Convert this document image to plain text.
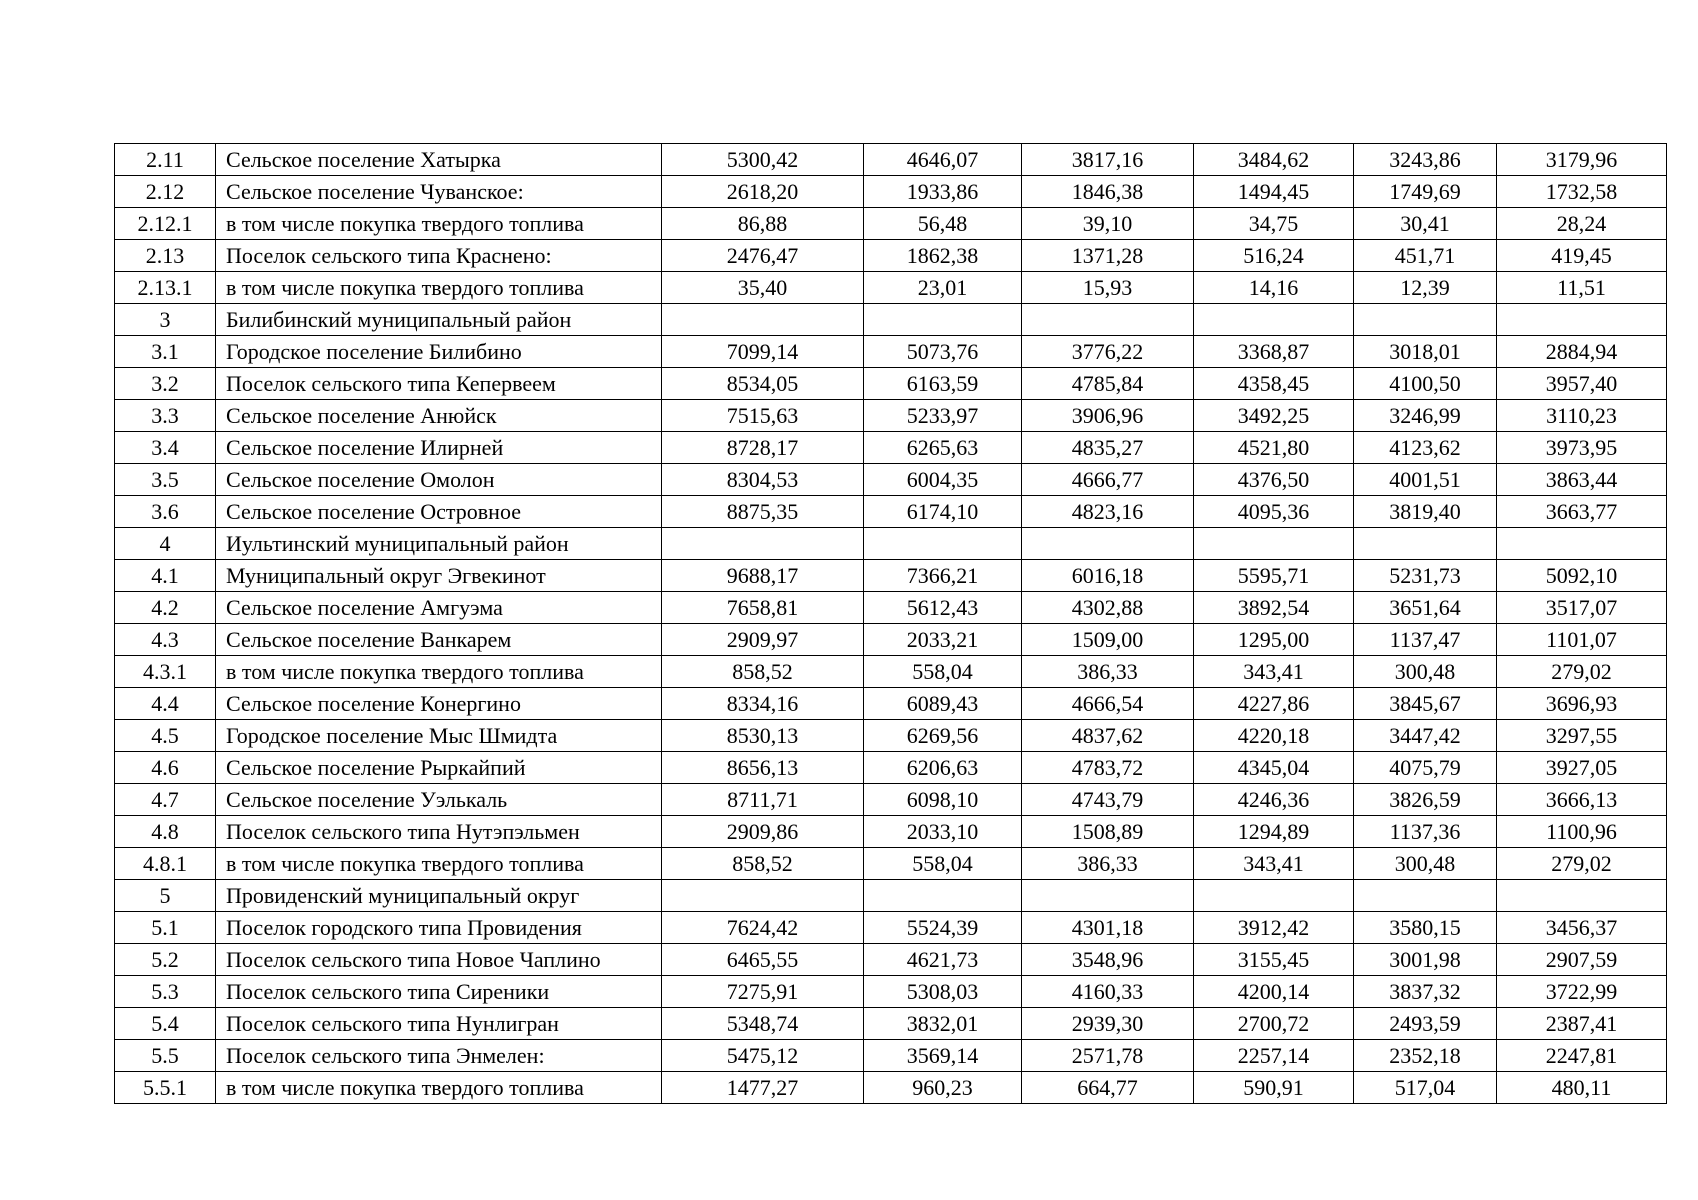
2.11	Сельское поселение Хатырка	5300,42	4646,07	3817,16	3484,62	3243,86	3179,96
2.12	Сельское поселение Чуванское:	2618,20	1933,86	1846,38	1494,45	1749,69	1732,58
2.12.1	в том числе покупка твердого топлива	86,88	56,48	39,10	34,75	30,41	28,24
2.13	Поселок сельского типа Краснено:	2476,47	1862,38	1371,28	516,24	451,71	419,45
2.13.1	в том числе покупка твердого топлива	35,40	23,01	15,93	14,16	12,39	11,51
3	Билибинский муниципальный район						
3.1	Городское поселение Билибино	7099,14	5073,76	3776,22	3368,87	3018,01	2884,94
3.2	Поселок сельского типа Кепервеем	8534,05	6163,59	4785,84	4358,45	4100,50	3957,40
3.3	Сельское поселение Анюйск	7515,63	5233,97	3906,96	3492,25	3246,99	3110,23
3.4	Сельское поселение Илирней	8728,17	6265,63	4835,27	4521,80	4123,62	3973,95
3.5	Сельское поселение Омолон	8304,53	6004,35	4666,77	4376,50	4001,51	3863,44
3.6	Сельское поселение Островное	8875,35	6174,10	4823,16	4095,36	3819,40	3663,77
4	Иультинский муниципальный район						
4.1	Муниципальный округ Эгвекинот	9688,17	7366,21	6016,18	5595,71	5231,73	5092,10
4.2	Сельское поселение Амгуэма	7658,81	5612,43	4302,88	3892,54	3651,64	3517,07
4.3	Сельское поселение Ванкарем	2909,97	2033,21	1509,00	1295,00	1137,47	1101,07
4.3.1	в том числе покупка твердого топлива	858,52	558,04	386,33	343,41	300,48	279,02
4.4	Сельское поселение Конергино	8334,16	6089,43	4666,54	4227,86	3845,67	3696,93
4.5	Городское поселение Мыс Шмидта	8530,13	6269,56	4837,62	4220,18	3447,42	3297,55
4.6	Сельское поселение Рыркайпий	8656,13	6206,63	4783,72	4345,04	4075,79	3927,05
4.7	Сельское поселение Уэлькаль	8711,71	6098,10	4743,79	4246,36	3826,59	3666,13
4.8	Поселок сельского типа Нутэпэльмен	2909,86	2033,10	1508,89	1294,89	1137,36	1100,96
4.8.1	в том числе покупка твердого топлива	858,52	558,04	386,33	343,41	300,48	279,02
5	Провиденский муниципальный округ						
5.1	Поселок городского типа Провидения	7624,42	5524,39	4301,18	3912,42	3580,15	3456,37
5.2	Поселок сельского типа Новое Чаплино	6465,55	4621,73	3548,96	3155,45	3001,98	2907,59
5.3	Поселок сельского типа Сиреники	7275,91	5308,03	4160,33	4200,14	3837,32	3722,99
5.4	Поселок сельского типа Нунлигран	5348,74	3832,01	2939,30	2700,72	2493,59	2387,41
5.5	Поселок сельского типа Энмелен:	5475,12	3569,14	2571,78	2257,14	2352,18	2247,81
5.5.1	в том числе покупка твердого топлива	1477,27	960,23	664,77	590,91	517,04	480,11
